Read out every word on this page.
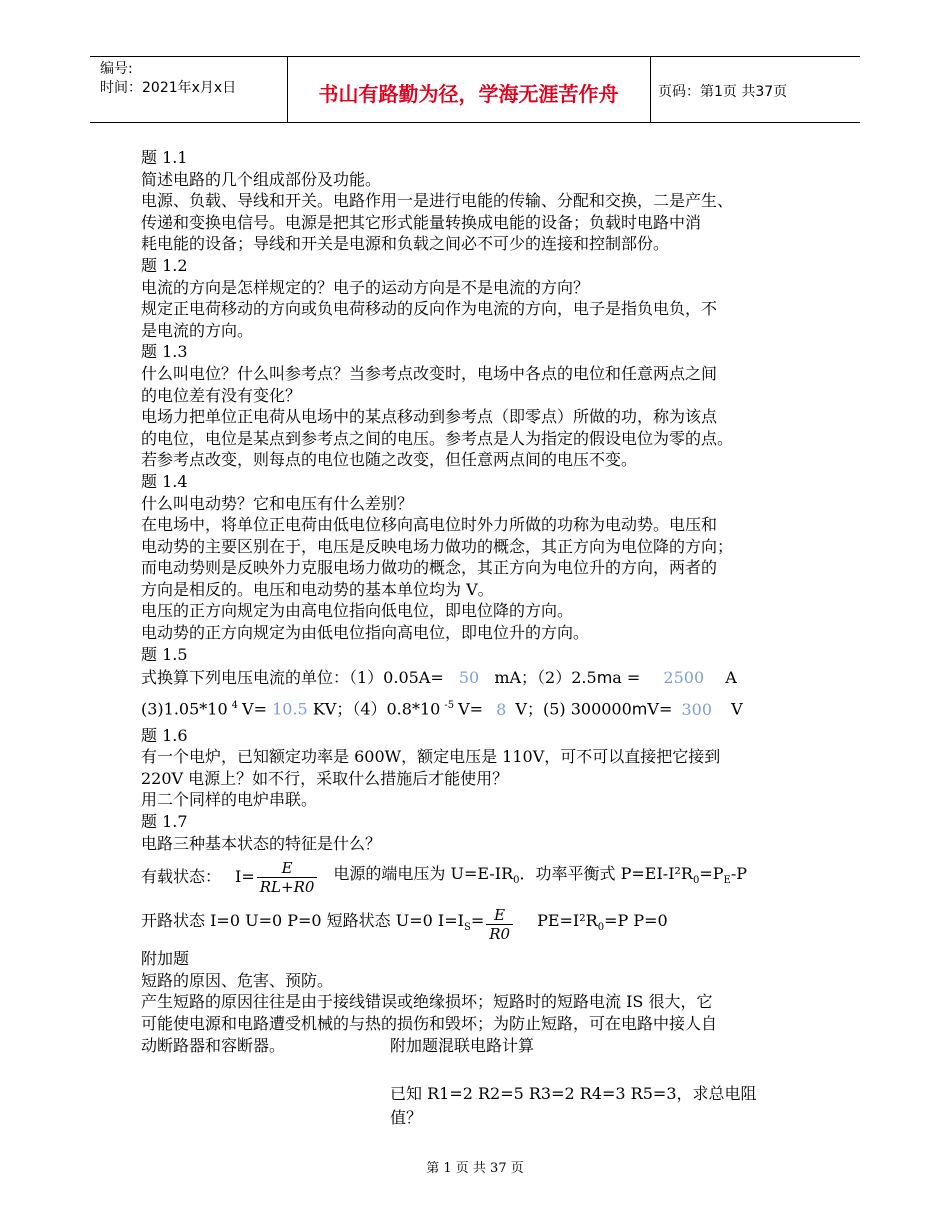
编号:
时间：2021年x月x日	书山有路勤为径，学海无涯苦作舟	页码：第1页 共37页

题 1.1

简述电路的几个组成部份及功能。

电源、负载、导线和开关。电路作用一是进行电能的传输、分配和交换，二是产生、

传递和变换电信号。电源是把其它形式能量转换成电能的设备；负载时电路中消

耗电能的设备；导线和开关是电源和负载之间必不可少的连接和控制部份。

题 1.2

电流的方向是怎样规定的？电子的运动方向是不是电流的方向？

规定正电荷移动的方向或负电荷移动的反向作为电流的方向，电子是指负电负，不

是电流的方向。

题 1.3

什么叫电位？什么叫参考点？当参考点改变时，电场中各点的电位和任意两点之间

的电位差有没有变化？

电场力把单位正电荷从电场中的某点移动到参考点（即零点）所做的功，称为该点

的电位，电位是某点到参考点之间的电压。参考点是人为指定的假设电位为零的点。

若参考点改变，则每点的电位也随之改变，但任意两点间的电压不变。

题 1.4

什么叫电动势？它和电压有什么差别？

在电场中，将单位正电荷由低电位移向高电位时外力所做的功称为电动势。电压和

电动势的主要区别在于，电压是反映电场力做功的概念，其正方向为电位降的方向；

而电动势则是反映外力克服电场力做功的概念，其正方向为电位升的方向，两者的

方向是相反的。电压和电动势的基本单位均为 V。

电压的正方向规定为由高电位指向低电位，即电位降的方向。

电动势的正方向规定为由低电位指向高电位，即电位升的方向。

题 1.5

式换算下列电压电流的单位：（1）0.05A= 50 mA；（2）2.5ma = 2500 A

(3)1.05*10 $^4$ V= 10.5 KV；（4）0.8*10 $^{-5}$ V= 8 V；(5) 300000mV= 300 V

题 1.6

有一个电炉，已知额定功率是 600W，额定电压是 110V，可不可以直接把它接到

220V 电源上？如不行，采取什么措施后才能使用？

用二个同样的电炉串联。

题 1.7

电路三种基本状态的特征是什么？

有载状态： $I= \frac{E}{RL+R0}$ 电源的端电压为 $U=E-IR_0$．功率平衡式 $P=EI-I^2R_0=P_E-P$
开路状态 I=0 U=0 P=0 短路状态 U=0 $I=I_S= \frac{E}{R0} PE=I^2R_0=P$ P=0

附加题

短路的原因、危害、预防。

产生短路的原因往往是由于接线错误或绝缘损坏；短路时的短路电流 IS 很大，它

可能使电源和电路遭受机械的与热的损伤和毁坏；为防止短路，可在电路中接人自

动断路器和容断器。	附加题混联电路计算
已知 R1=2 R2=5 R3=2 R4=3 R5=3，求总电阻
值？
第 1 页 共 37 页
